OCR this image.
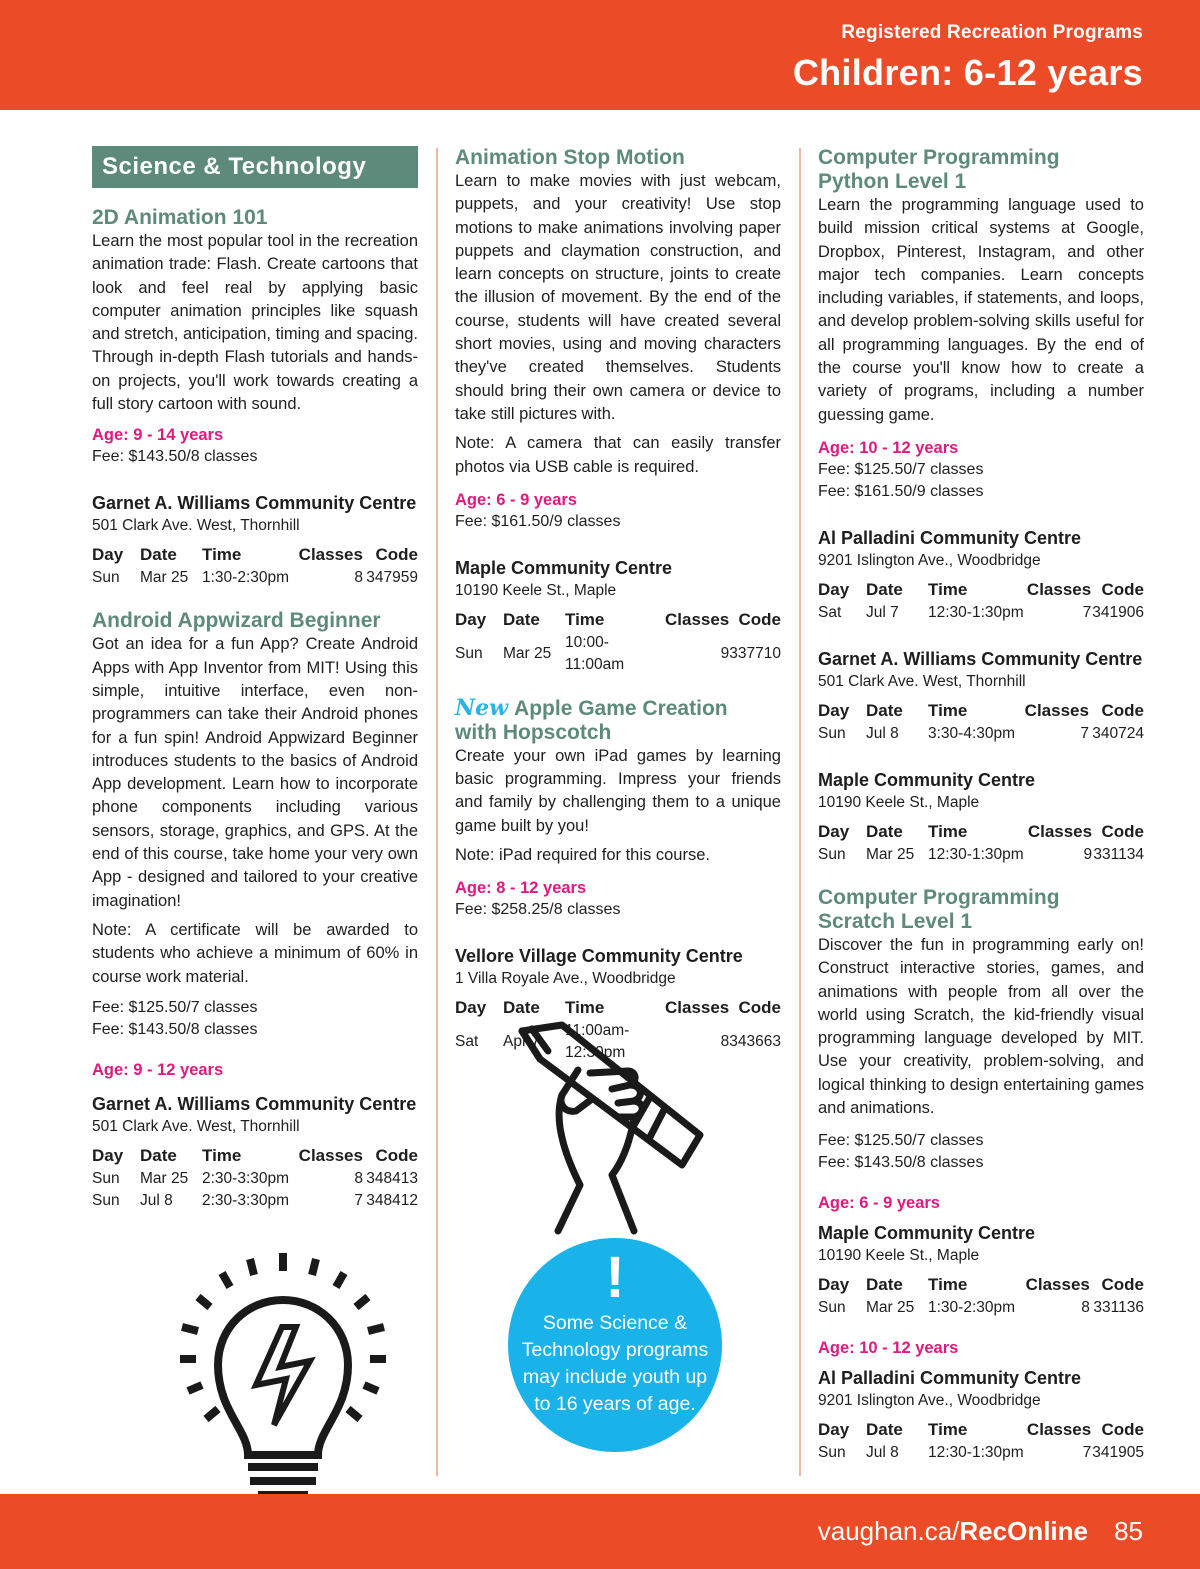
Registered Recreation Programs
Children: 6-12 years
Science & Technology
2D Animation 101

Learn the most popular tool in the recreation animation trade: Flash. Create cartoons that look and feel real by applying basic computer animation principles like squash and stretch, anticipation, timing and spacing. Through in-depth Flash tutorials and hands-on projects, you'll work towards creating a full story cartoon with sound.

Age: 9 - 14 years
Fee: $143.50/8 classes
Garnet A. Williams Community Centre
501 Clark Ave. West, Thornhill
Day	Date	Time	Classes	Code
Sun	Mar 25	1:30-2:30pm	8	347959
Android Appwizard Beginner

Got an idea for a fun App? Create Android Apps with App Inventor from MIT! Using this simple, intuitive interface, even non-programmers can take their Android phones for a fun spin! Android Appwizard Beginner introduces students to the basics of Android App development. Learn how to incorporate phone components including various sensors, storage, graphics, and GPS. At the end of this course, take home your very own App - designed and tailored to your creative imagination!

Note: A certificate will be awarded to students who achieve a minimum of 60% in course work material.

Fee: $125.50/7 classes
Fee: $143.50/8 classes
Age: 9 - 12 years
Garnet A. Williams Community Centre
501 Clark Ave. West, Thornhill
Day	Date	Time	Classes	Code
Sun	Mar 25	2:30-3:30pm	8	348413
Sun	Jul 8	2:30-3:30pm	7	348412
Animation Stop Motion

Learn to make movies with just webcam, puppets, and your creativity! Use stop motions to make animations involving paper puppets and claymation construction, and learn concepts on structure, joints to create the illusion of movement. By the end of the course, students will have created several short movies, using and moving characters they've created themselves. Students should bring their own camera or device to take still pictures with.

Note: A camera that can easily transfer photos via USB cable is required.

Age: 6 - 9 years
Fee: $161.50/9 classes
Maple Community Centre
10190 Keele St., Maple
Day	Date	Time	Classes	Code
Sun	Mar 25	10:00-11:00am	9	337710
New Apple Game Creation
with Hopscotch

Create your own iPad games by learning basic programming. Impress your friends and family by challenging them to a unique game built by you!

Note: iPad required for this course.

Age: 8 - 12 years
Fee: $258.25/8 classes
Vellore Village Community Centre
1 Villa Royale Ave., Woodbridge
Day	Date	Time	Classes	Code
Sat	Apr 7	11:00am-12:30pm	8	343663
Computer Programming
Python Level 1

Learn the programming language used to build mission critical systems at Google, Dropbox, Pinterest, Instagram, and other major tech companies. Learn concepts including variables, if statements, and loops, and develop problem-solving skills useful for all programming languages. By the end of the course you'll know how to create a variety of programs, including a number guessing game.

Age: 10 - 12 years
Fee: $125.50/7 classes
Fee: $161.50/9 classes
Al Palladini Community Centre
9201 Islington Ave., Woodbridge
Day	Date	Time	Classes	Code
Sat	Jul 7	12:30-1:30pm	7	341906
Garnet A. Williams Community Centre
501 Clark Ave. West, Thornhill
Day	Date	Time	Classes	Code
Sun	Jul 8	3:30-4:30pm	7	340724
Maple Community Centre
10190 Keele St., Maple
Day	Date	Time	Classes	Code
Sun	Mar 25	12:30-1:30pm	9	331134
Computer Programming
Scratch Level 1

Discover the fun in programming early on! Construct interactive stories, games, and animations with people from all over the world using Scratch, the kid-friendly visual programming language developed by MIT. Use your creativity, problem-solving, and logical thinking to design entertaining games and animations.

Fee: $125.50/7 classes
Fee: $143.50/8 classes
Age: 6 - 9 years
Maple Community Centre
10190 Keele St., Maple
Day	Date	Time	Classes	Code
Sun	Mar 25	1:30-2:30pm	8	331136
Age: 10 - 12 years
Al Palladini Community Centre
9201 Islington Ave., Woodbridge
Day	Date	Time	Classes	Code
Sun	Jul 8	12:30-1:30pm	7	341905
!
Some Science & Technology programs may include youth up to 16 years of age.
vaughan.ca/RecOnline 85
